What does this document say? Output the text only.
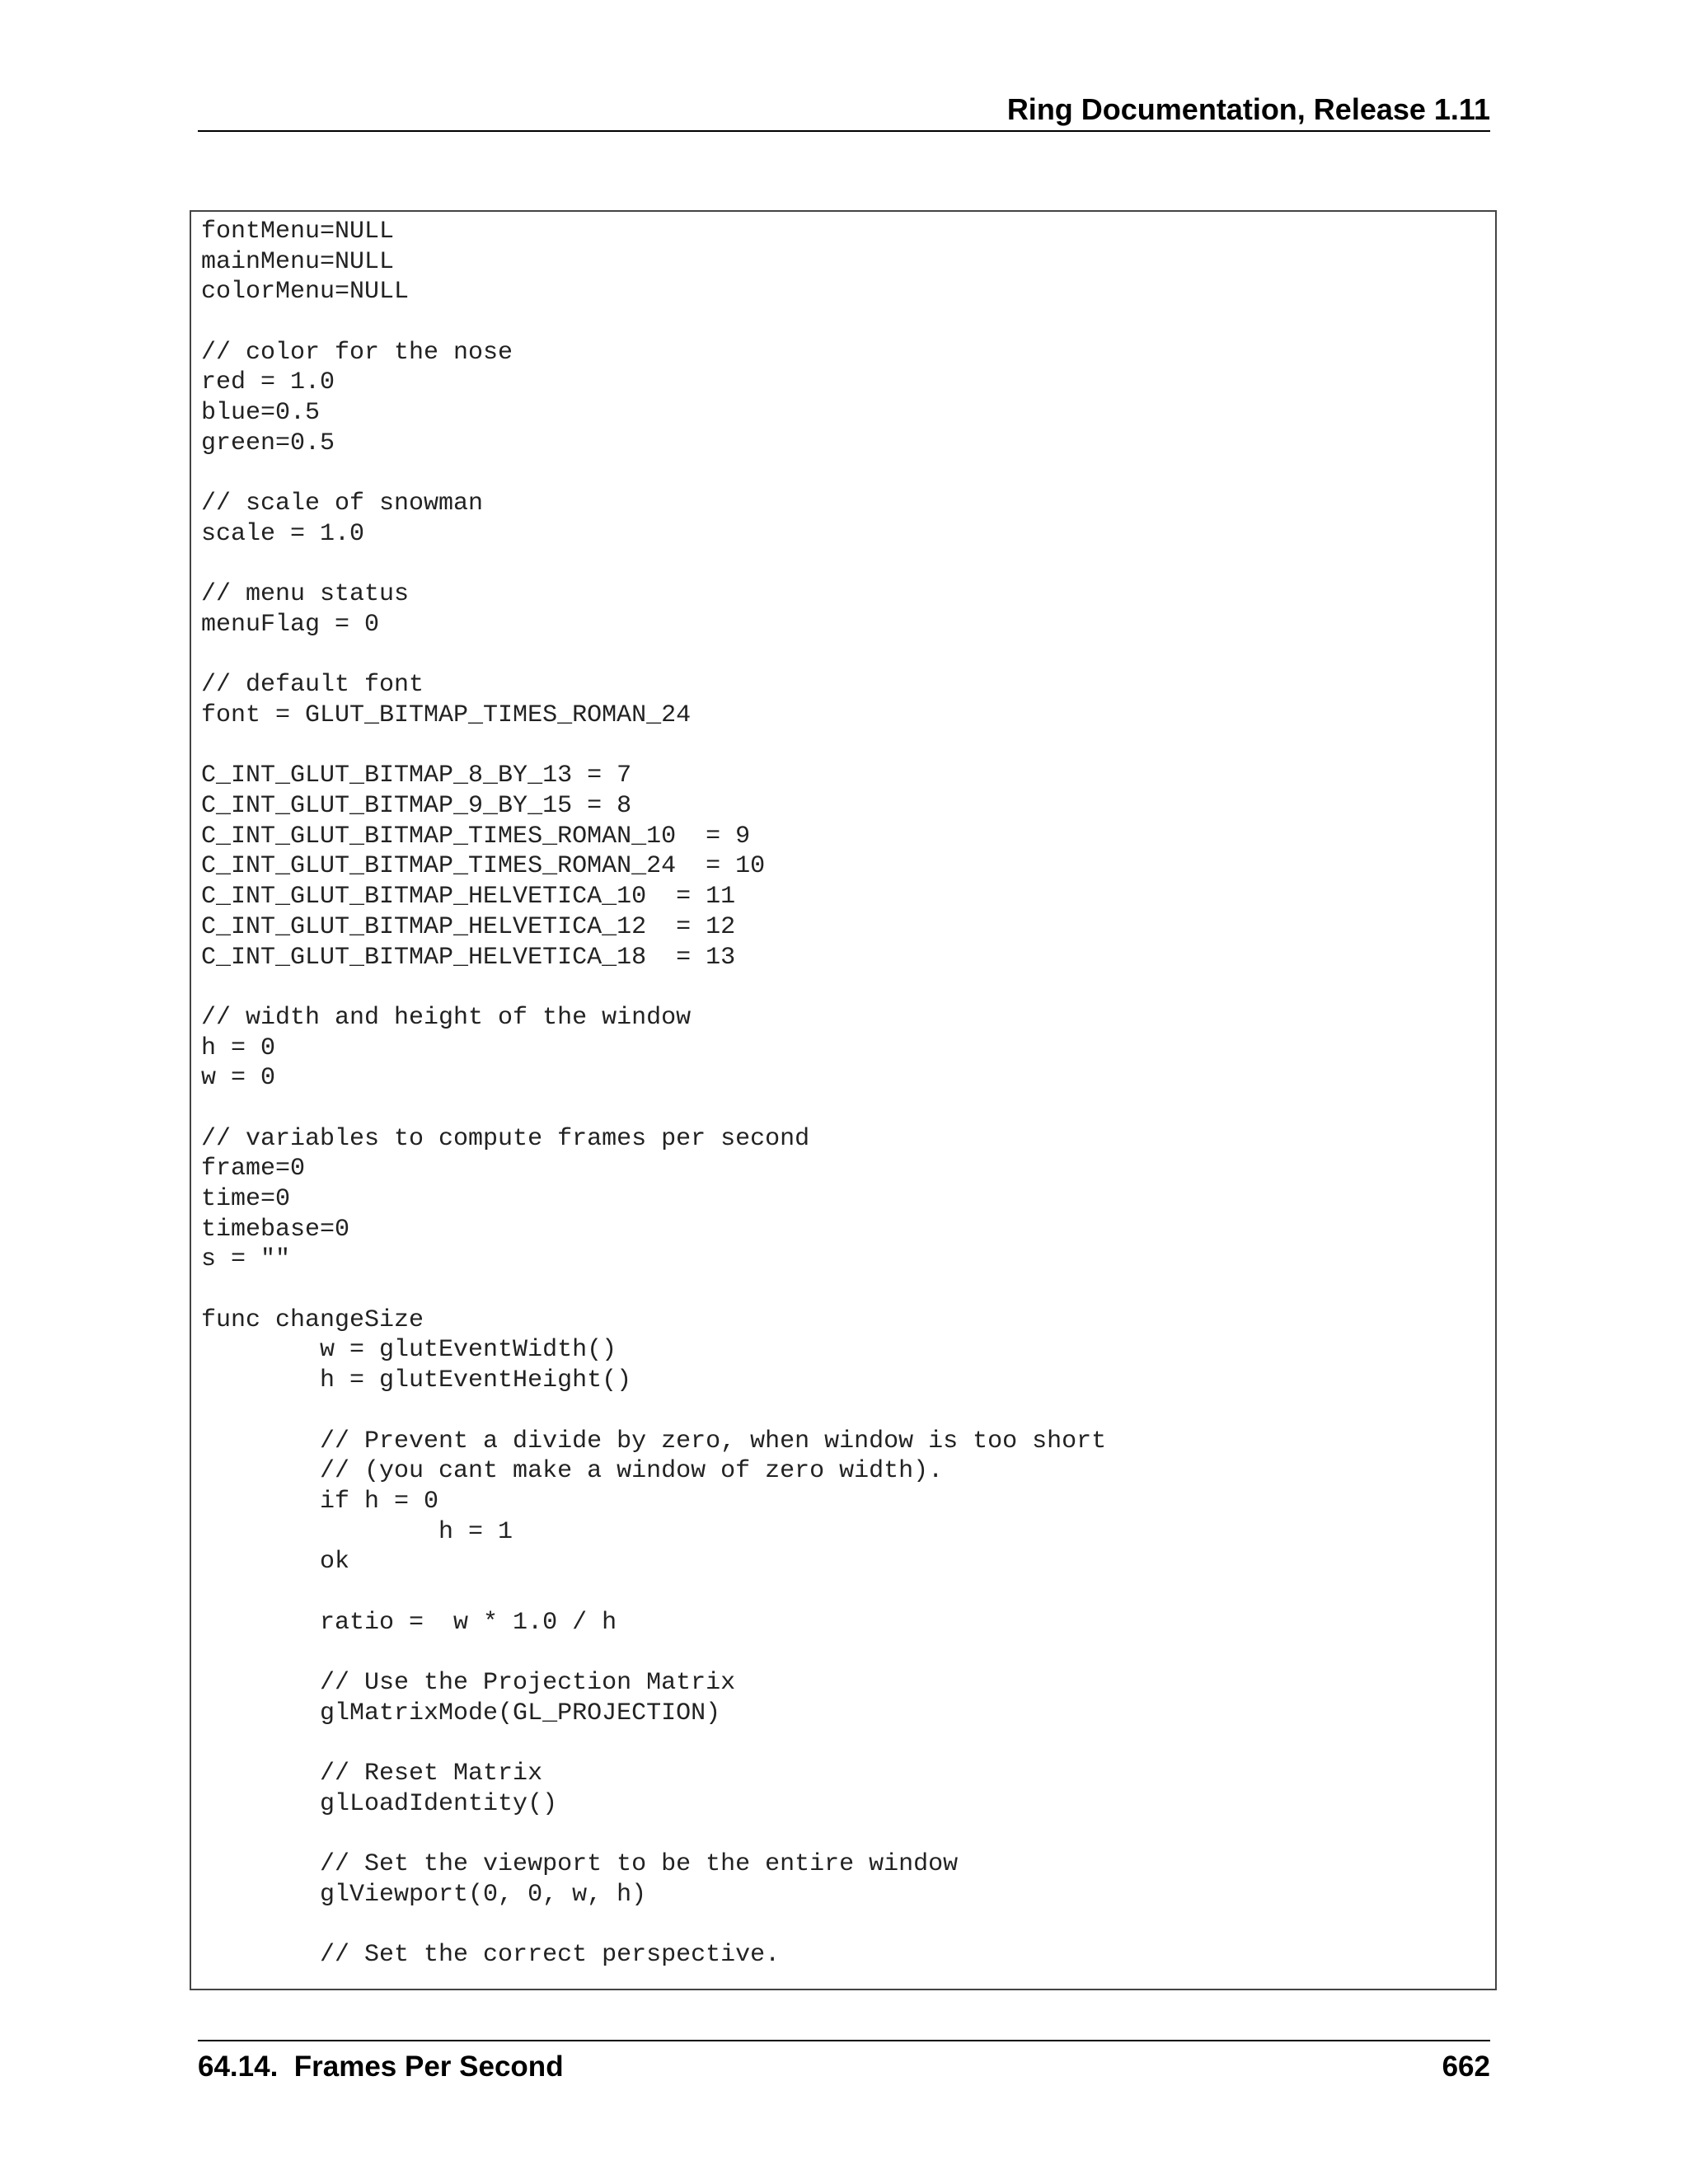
Ring Documentation, Release 1.11
fontMenu=NULL
mainMenu=NULL
colorMenu=NULL
// color for the nose
red = 1.0
blue=0.5
green=0.5
// scale of snowman
scale = 1.0
// menu status
menuFlag = 0
// default font
font = GLUT_BITMAP_TIMES_ROMAN_24
C_INT_GLUT_BITMAP_8_BY_13 = 7
C_INT_GLUT_BITMAP_9_BY_15 = 8
C_INT_GLUT_BITMAP_TIMES_ROMAN_10  = 9
C_INT_GLUT_BITMAP_TIMES_ROMAN_24  = 10
C_INT_GLUT_BITMAP_HELVETICA_10  = 11
C_INT_GLUT_BITMAP_HELVETICA_12  = 12
C_INT_GLUT_BITMAP_HELVETICA_18  = 13
// width and height of the window
h = 0
w = 0
// variables to compute frames per second
frame=0
time=0
timebase=0
s = ""
func changeSize
w = glutEventWidth()
h = glutEventHeight()
// Prevent a divide by zero, when window is too short
// (you cant make a window of zero width).
if h = 0
h = 1
ok
ratio =  w * 1.0 / h
// Use the Projection Matrix
glMatrixMode(GL_PROJECTION)
// Reset Matrix
glLoadIdentity()
// Set the viewport to be the entire window
glViewport(0, 0, w, h)
// Set the correct perspective.
64.14.  Frames Per Second	662
